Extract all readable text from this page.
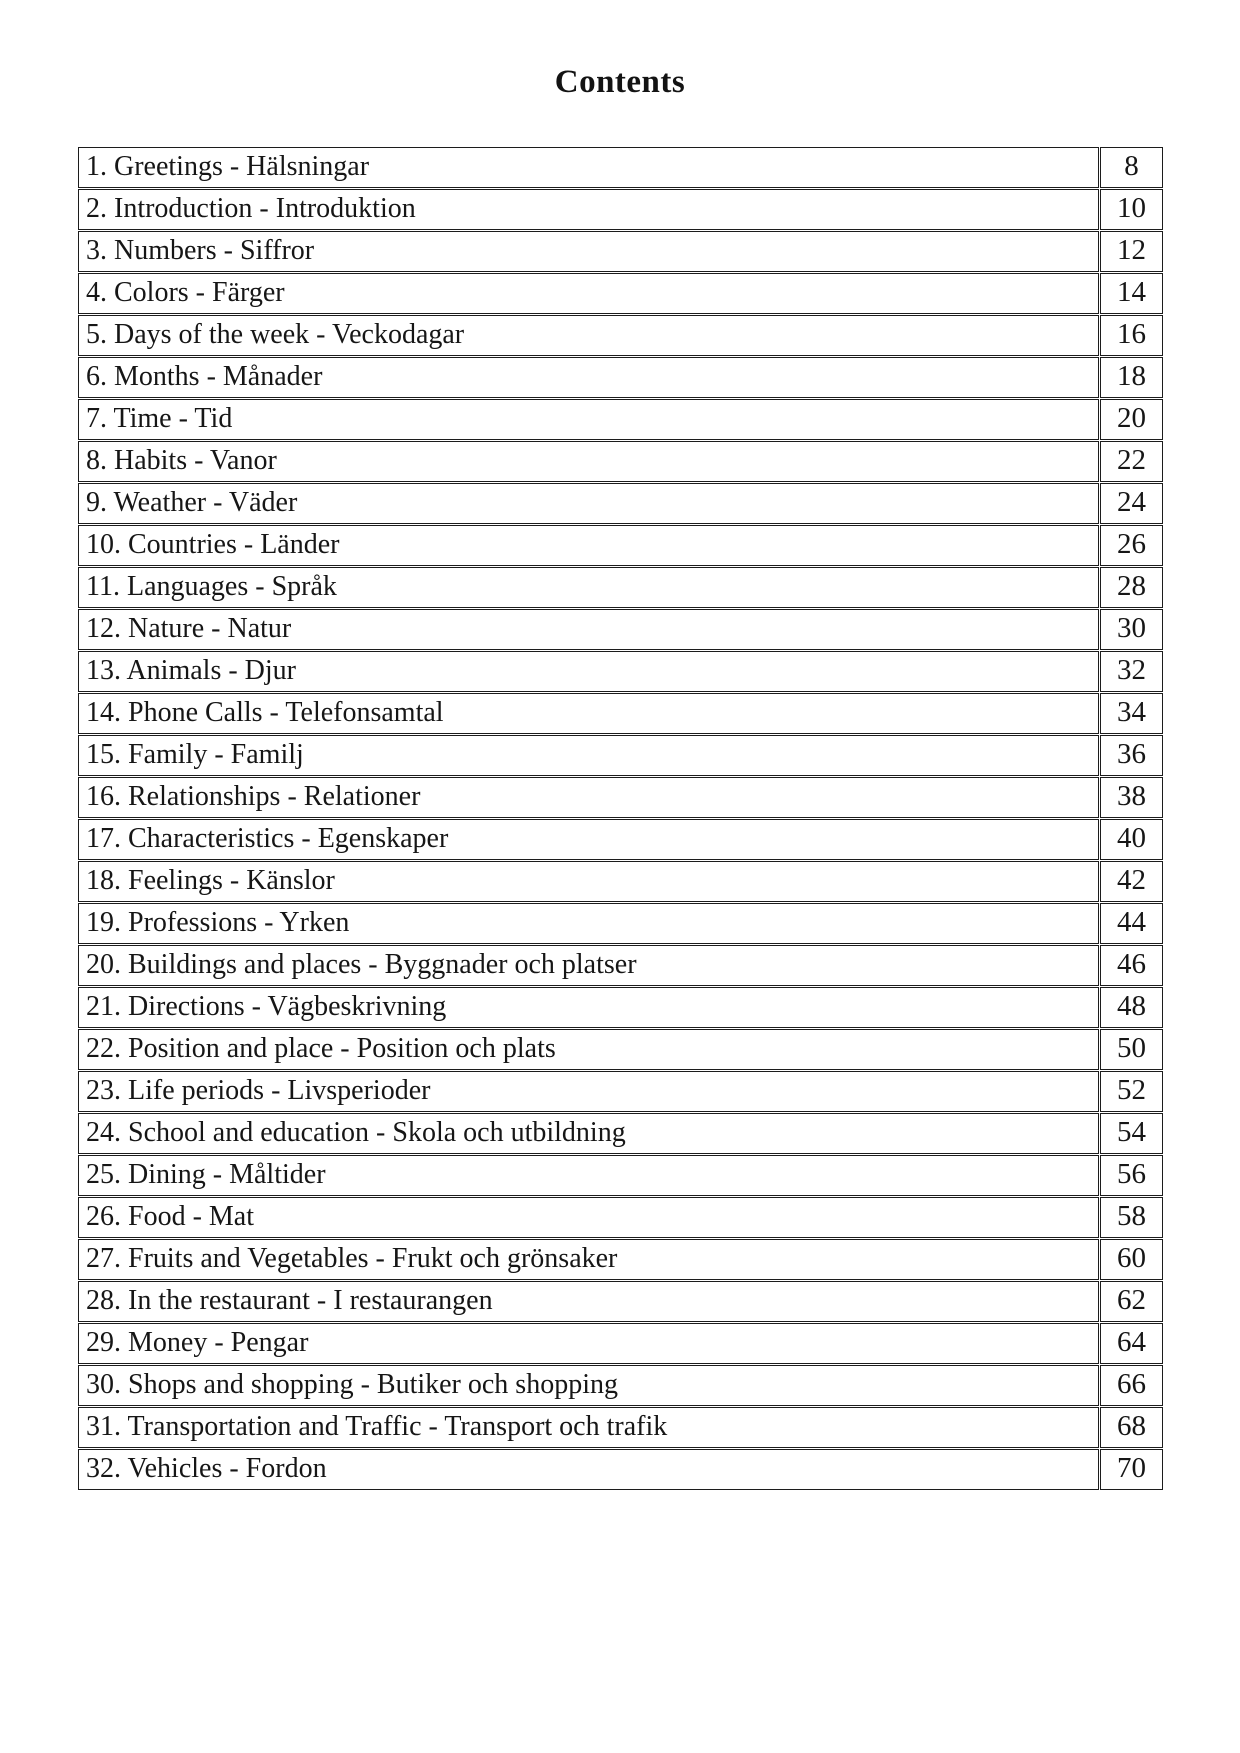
Contents
1. Greetings - Hälsningar	8
2. Introduction - Introduktion	10
3. Numbers - Siffror	12
4. Colors - Färger	14
5. Days of the week - Veckodagar	16
6. Months - Månader	18
7. Time - Tid	20
8. Habits - Vanor	22
9. Weather - Väder	24
10. Countries - Länder	26
11. Languages - Språk	28
12. Nature - Natur	30
13. Animals - Djur	32
14. Phone Calls - Telefonsamtal	34
15. Family - Familj	36
16. Relationships - Relationer	38
17. Characteristics - Egenskaper	40
18. Feelings - Känslor	42
19. Professions - Yrken	44
20. Buildings and places - Byggnader och platser	46
21. Directions - Vägbeskrivning	48
22. Position and place - Position och plats	50
23. Life periods - Livsperioder	52
24. School and education - Skola och utbildning	54
25. Dining - Måltider	56
26. Food - Mat	58
27. Fruits and Vegetables - Frukt och grönsaker	60
28. In the restaurant - I restaurangen	62
29. Money - Pengar	64
30. Shops and shopping - Butiker och shopping	66
31. Transportation and Traffic - Transport och trafik	68
32. Vehicles - Fordon	70
